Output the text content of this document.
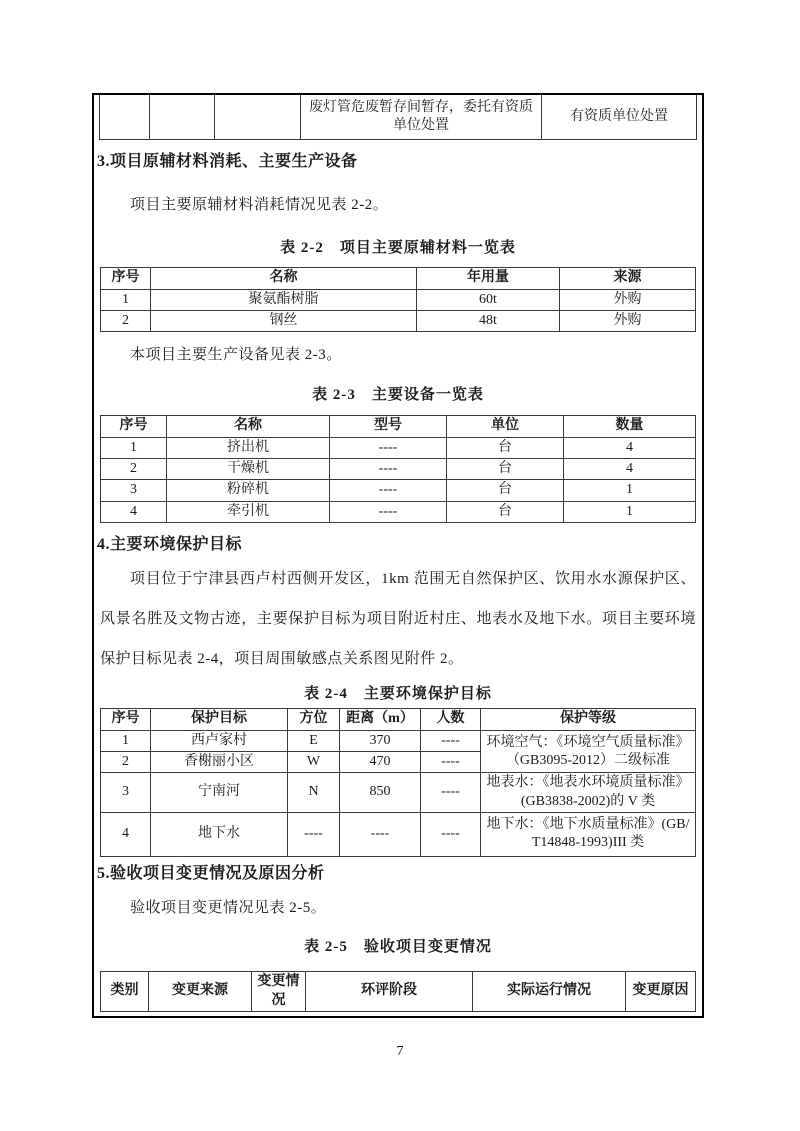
			废灯管危废暂存间暂存，委托有资质单位处置	有资质单位处置
3.项目原辅材料消耗、主要生产设备
项目主要原辅材料消耗情况见表 2-2。
表 2-2　项目主要原辅材料一览表
序号	名称	年用量	来源
1	聚氨酯树脂	60t	外购
2	钢丝	48t	外购
本项目主要生产设备见表 2-3。
表 2-3　主要设备一览表
序号	名称	型号	单位	数量
1	挤出机	----	台	4
2	干燥机	----	台	4
3	粉碎机	----	台	1
4	牵引机	----	台	1
4.主要环境保护目标
项目位于宁津县西卢村西侧开发区，1km 范围无自然保护区、饮用水水源保护区、风景名胜及文物古迹，主要保护目标为项目附近村庄、地表水及地下水。项目主要环境保护目标见表 2-4，项目周围敏感点关系图见附件 2。
表 2-4　主要环境保护目标
序号	保护目标	方位	距离（m）	人数	保护等级
1	西卢家村	E	370	----	环境空气：《环境空气质量标准》（GB3095-2012）二级标准
2	香榭丽小区	W	470	----	
3	宁南河	N	850	----	地表水：《地表水环境质量标准》(GB3838-2002)的 V 类
4	地下水	----	----	----	地下水：《地下水质量标准》(GB/T14848-1993)III 类
5.验收项目变更情况及原因分析
验收项目变更情况见表 2-5。
表 2-5　验收项目变更情况
类别	变更来源	变更情况	环评阶段	实际运行情况	变更原因
7
